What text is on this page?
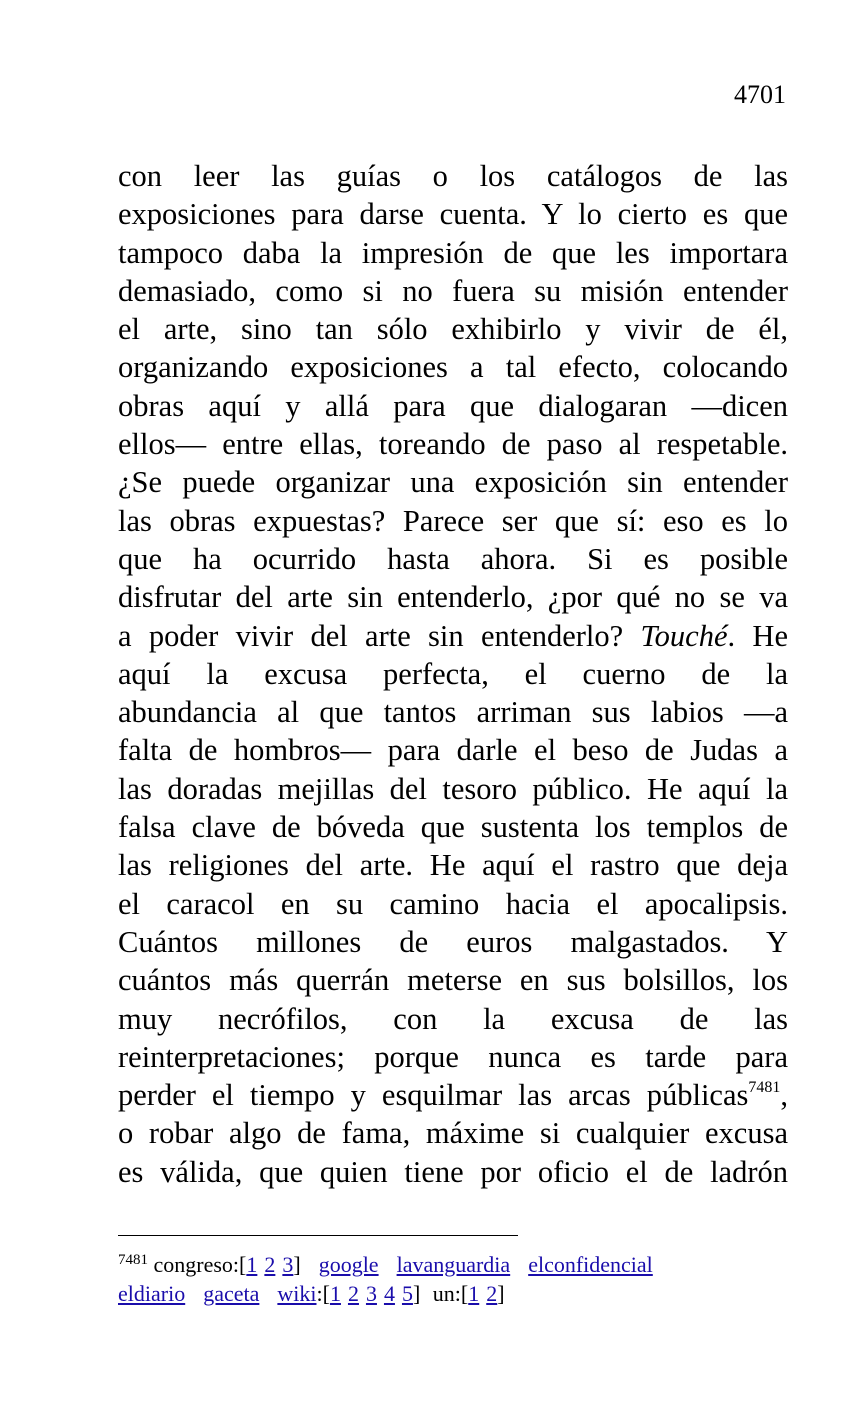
4701
con leer las guías o los catálogos de las
exposiciones para darse cuenta. Y lo cierto es que
tampoco daba la impresión de que les importara
demasiado, como si no fuera su misión entender
el arte, sino tan sólo exhibirlo y vivir de él,
organizando exposiciones a tal efecto, colocando
obras aquí y allá para que dialogaran —dicen
ellos— entre ellas, toreando de paso al respetable.
¿Se puede organizar una exposición sin entender
las obras expuestas? Parece ser que sí: eso es lo
que ha ocurrido hasta ahora. Si es posible
disfrutar del arte sin entenderlo, ¿por qué no se va
a poder vivir del arte sin entenderlo? Touché. He
aquí la excusa perfecta, el cuerno de la
abundancia al que tantos arriman sus labios —a
falta de hombros— para darle el beso de Judas a
las doradas mejillas del tesoro público. He aquí la
falsa clave de bóveda que sustenta los templos de
las religiones del arte. He aquí el rastro que deja
el caracol en su camino hacia el apocalipsis.
Cuántos millones de euros malgastados. Y
cuántos más querrán meterse en sus bolsillos, los
muy necrófilos, con la excusa de las
reinterpretaciones; porque nunca es tarde para
perder el tiempo y esquilmar las arcas públicas$^{7481}$,
o robar algo de fama, máxime si cualquier excusa
es válida, que quien tiene por oficio el de ladrón
$^{7481}$ congreso:[1 2 3] google lavanguardia elconfidencial
eldiario gaceta wiki:[1 2 3 4 5] un:[1 2]
